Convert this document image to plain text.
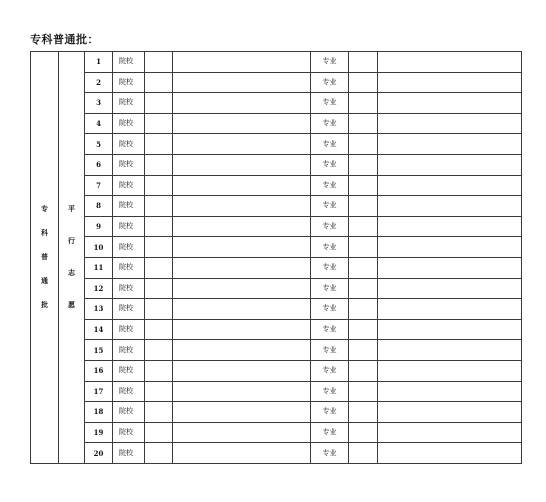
专科普通批：
专
科
普
通
批	平
行
志
愿	1	院校			专业		
		2	院校			专业		
		3	院校			专业		
		4	院校			专业		
		5	院校			专业		
		6	院校			专业		
		7	院校			专业		
		8	院校			专业		
		9	院校			专业		
		10	院校			专业		
		11	院校			专业		
		12	院校			专业		
		13	院校			专业		
		14	院校			专业		
		15	院校			专业		
		16	院校			专业		
		17	院校			专业		
		18	院校			专业		
		19	院校			专业		
		20	院校			专业		
